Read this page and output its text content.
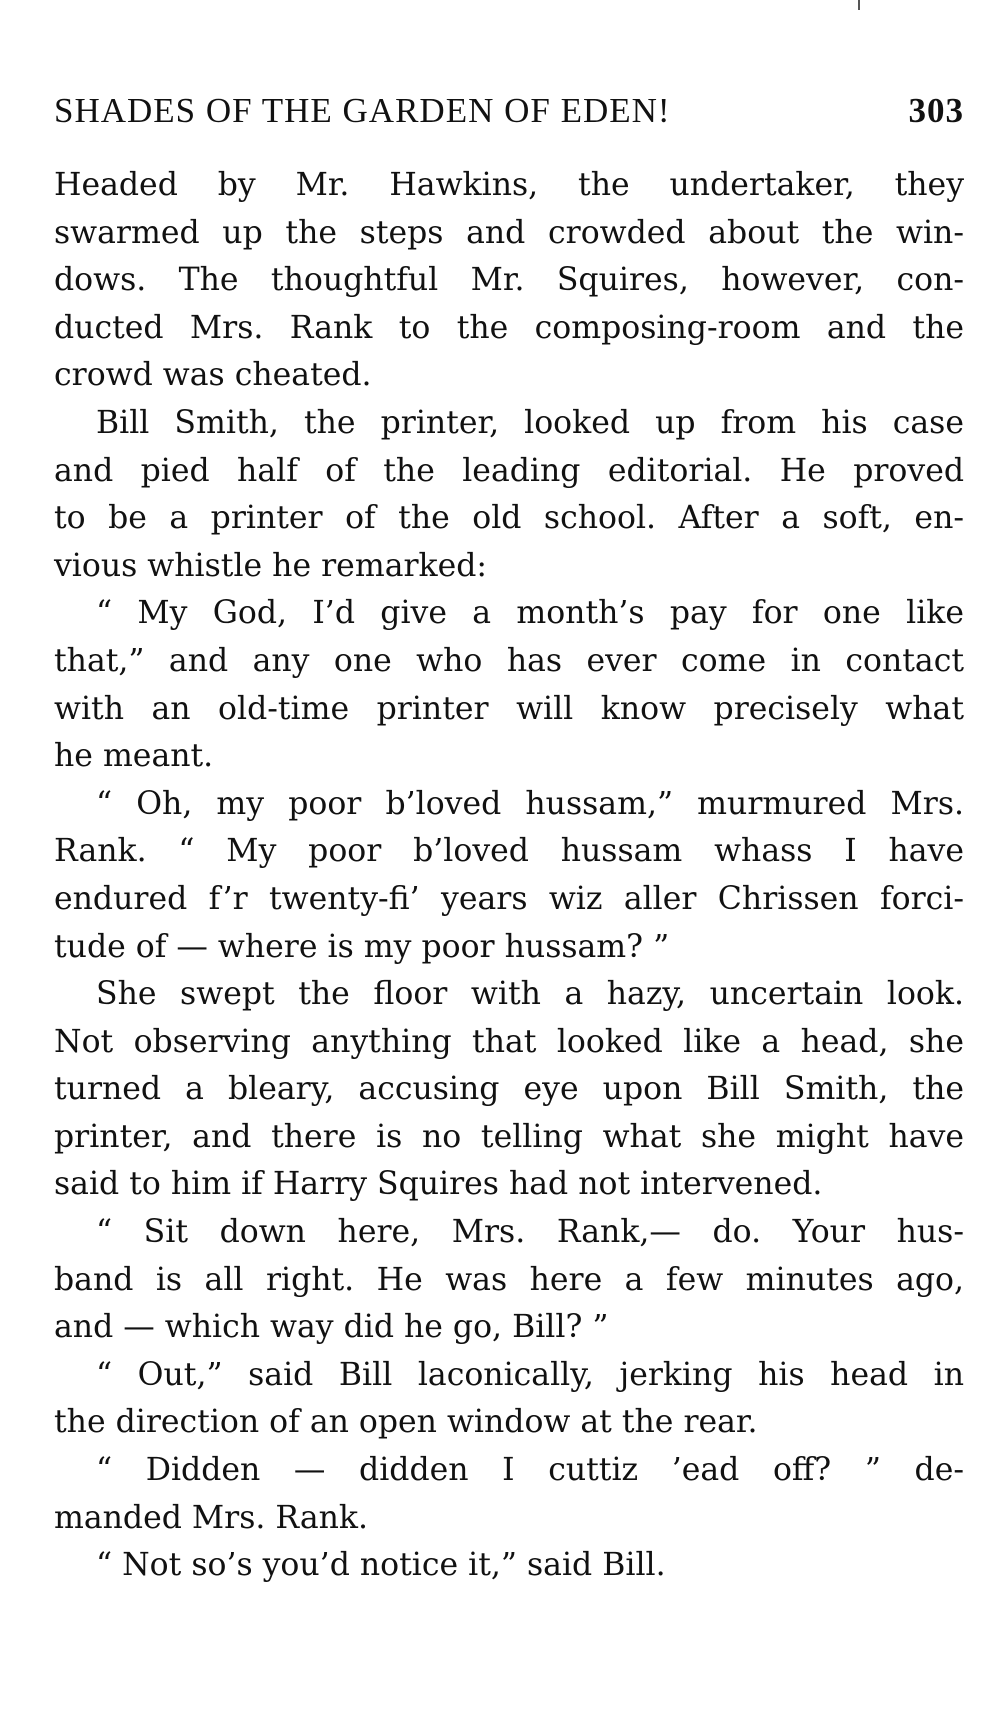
SHADES OF THE GARDEN OF EDEN!	303
Headed by Mr. Hawkins, the undertaker, they
swarmed up the steps and crowded about the win-
dows. The thoughtful Mr. Squires, however, con-
ducted Mrs. Rank to the composing-room and the
crowd was cheated.
Bill Smith, the printer, looked up from his case
and pied half of the leading editorial. He proved
to be a printer of the old school. After a soft, en-
vious whistle he remarked:
“ My God, I’d give a month’s pay for one like
that,” and any one who has ever come in contact
with an old-time printer will know precisely what
he meant.
“ Oh, my poor b’loved hussam,” murmured Mrs.
Rank. “ My poor b’loved hussam whass I have
endured f’r twenty-fi’ years wiz aller Chrissen forci-
tude of — where is my poor hussam? ”
She swept the floor with a hazy, uncertain look.
Not observing anything that looked like a head, she
turned a bleary, accusing eye upon Bill Smith, the
printer, and there is no telling what she might have
said to him if Harry Squires had not intervened.
“ Sit down here, Mrs. Rank,— do. Your hus-
band is all right. He was here a few minutes ago,
and — which way did he go, Bill? ”
“ Out,” said Bill laconically, jerking his head in
the direction of an open window at the rear.
“ Didden — didden I cuttiz ’ead off? ” de-
manded Mrs. Rank.
“ Not so’s you’d notice it,” said Bill.
